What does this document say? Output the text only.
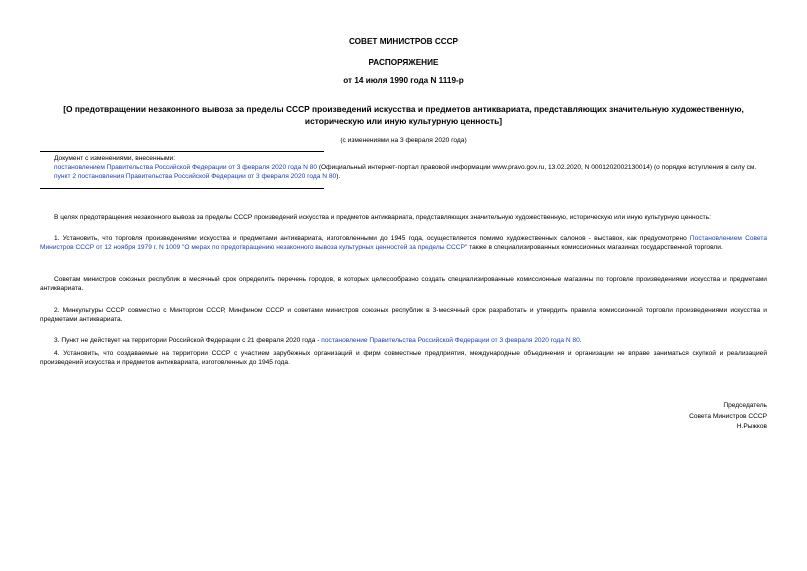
СОВЕТ МИНИСТРОВ СССР
РАСПОРЯЖЕНИЕ
от 14 июля 1990 года N 1119-р
[О предотвращении незаконного вывоза за пределы СССР произведений искусства и предметов антиквариата, представляющих значительную художественную, историческую или иную культурную ценность]
(с изменениями на 3 февраля 2020 года)

Документ с изменениями, внесенными:

постановлением Правительства Российской Федерации от 3 февраля 2020 года N 80 (Официальный интернет-портал правовой информации www.pravo.gov.ru, 13.02.2020, N 0001202002130014) (о порядке вступления в силу см. пункт 2 постановления Правительства Российской Федерации от 3 февраля 2020 года N 80).

В целях предотвращения незаконного вывоза за пределы СССР произведений искусства и предметов антиквариата, представляющих значительную художественную, историческую или иную культурную ценность:

1. Установить, что торговля произведениями искусства и предметами антиквариата, изготовленными до 1945 года, осуществляется помимо художественных салонов - выставок, как предусмотрено Постановлением Совета Министров СССР от 12 ноября 1979 г. N 1009 "О мерах по предотвращению незаконного вывоза культурных ценностей за пределы СССР" также в специализированных комиссионных магазинах государственной торговли.

Советам министров союзных республик в месячный срок определить перечень городов, в которых целесообразно создать специализированные комиссионные магазины по торговле произведениями искусства и предметами антиквариата.

2. Минкультуры СССР совместно с Минторгом СССР, Минфином СССР и советами министров союзных республик в 3-месячный срок разработать и утвердить правила комиссионной торговли произведениями искусства и предметами антиквариата.

3. Пункт не действует на территории Российской Федерации с 21 февраля 2020 года - постановление Правительства Российской Федерации от 3 февраля 2020 года N 80.

4. Установить, что создаваемые на территории СССР с участием зарубежных организаций и фирм совместные предприятия, международные объединения и организации не вправе заниматься скупкой и реализацией произведений искусства и предметов антиквариата, изготовленных до 1945 года.

Председатель
Совета Министров СССР
Н.Рыжков
